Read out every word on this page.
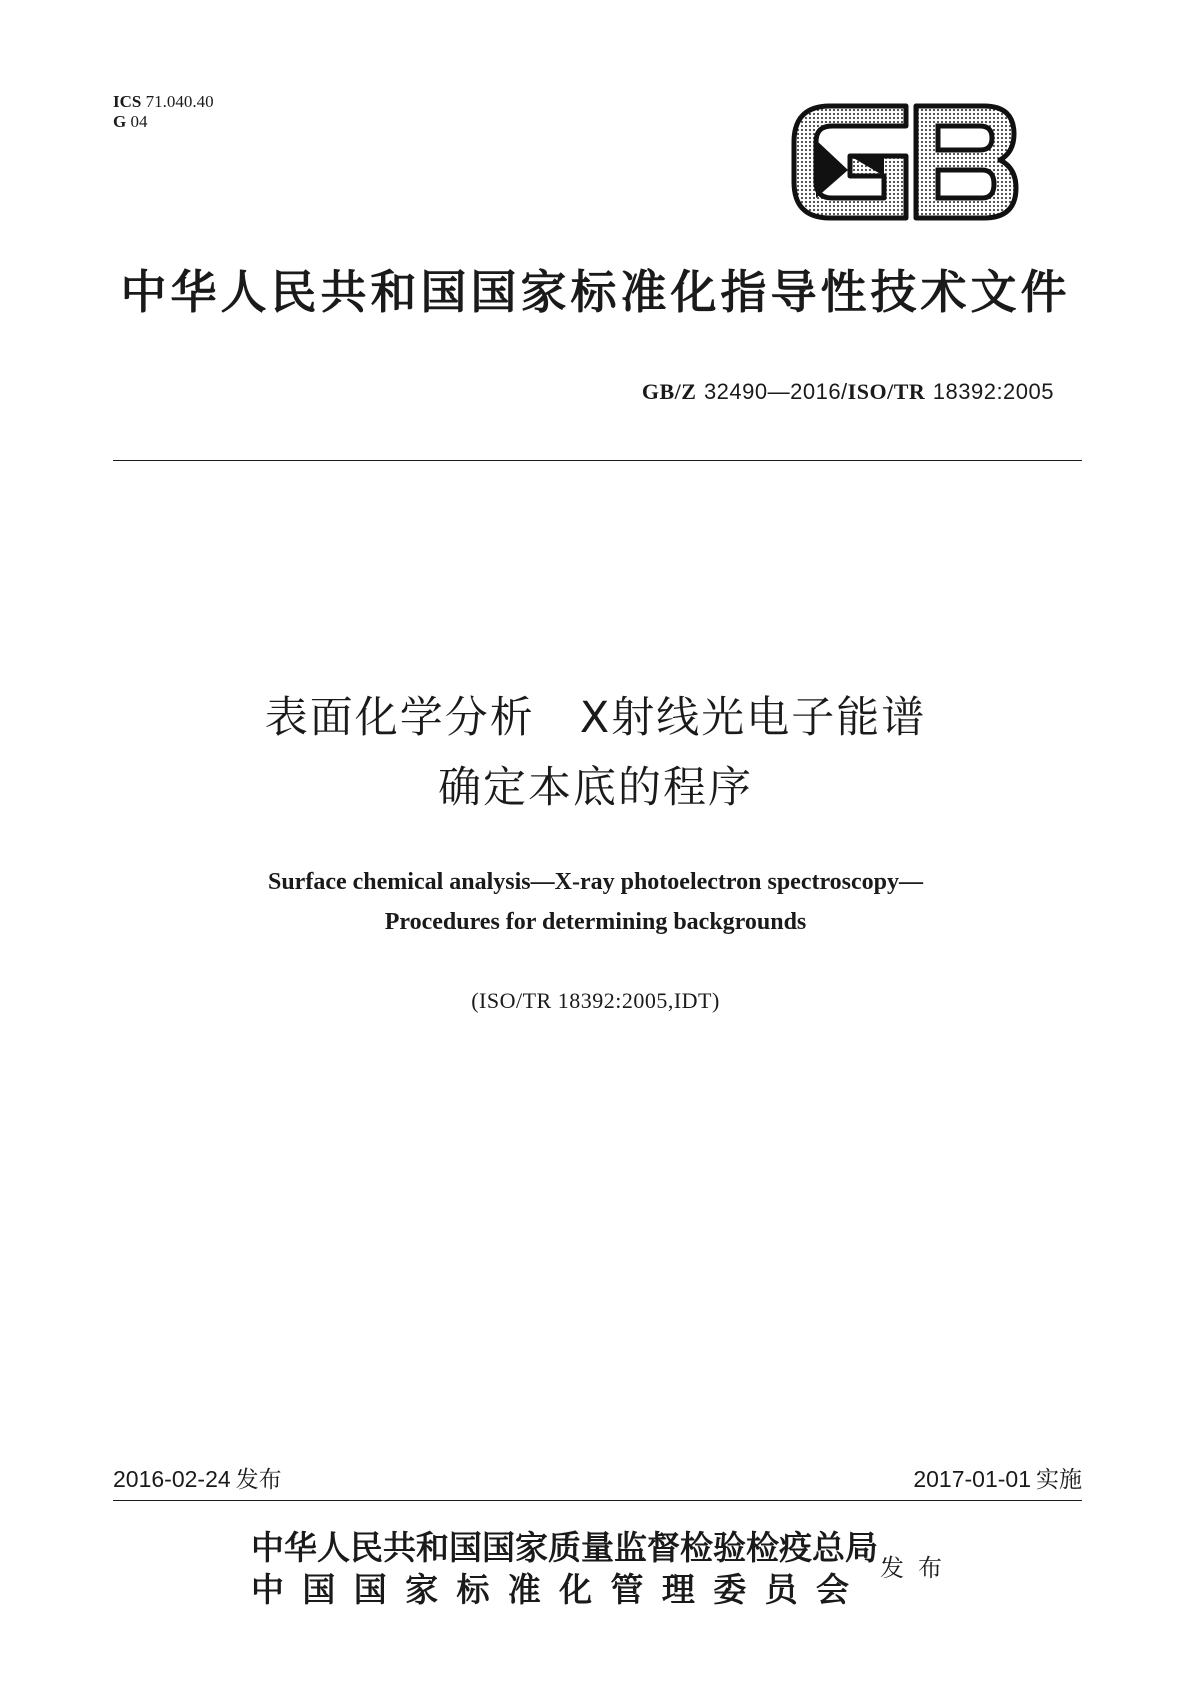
ICS 71.040.40
G 04
中华人民共和国国家标准化指导性技术文件
GB/Z 32490—2016/ISO/TR 18392:2005
表面化学分析　X射线光电子能谱
确定本底的程序
Surface chemical analysis—X-ray photoelectron spectroscopy—
Procedures for determining backgrounds
(ISO/TR 18392:2005,IDT)
2016-02-24 发布	2017-01-01 实施
中华人民共和国国家质量监督检验检疫总局
中 国 国 家 标 准 化 管 理 委 员 会
发布
